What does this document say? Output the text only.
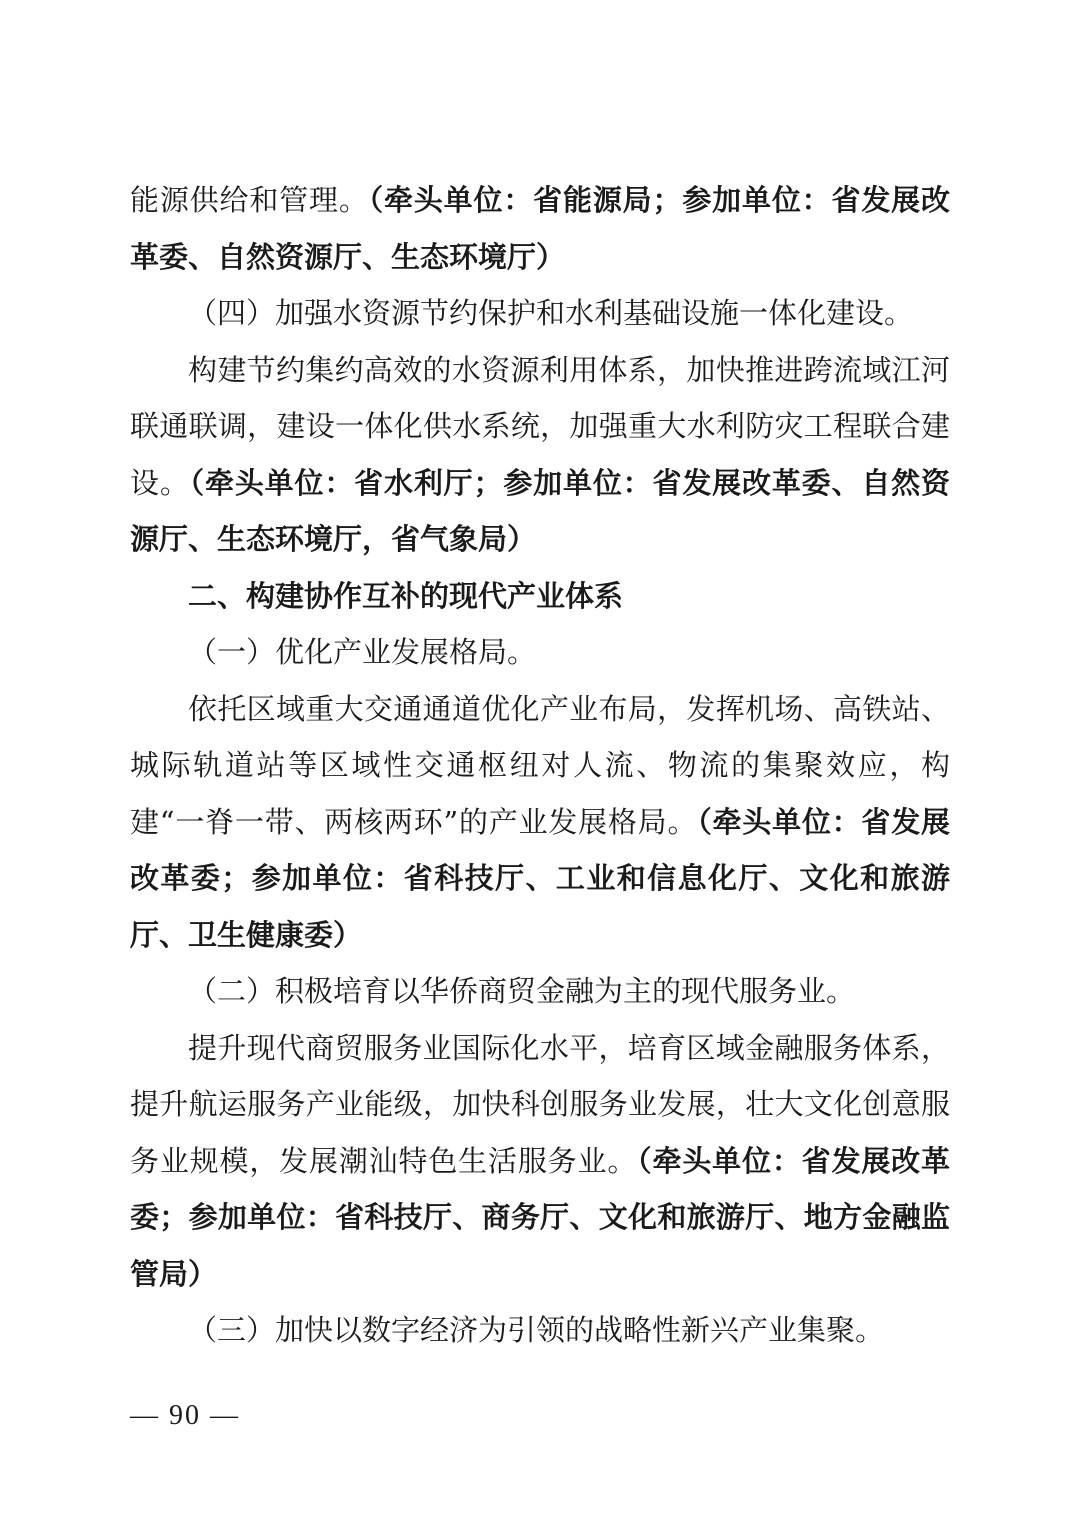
能源供给和管理。（牵头单位：省能源局；参加单位：省发展改革委、自然资源厅、生态环境厅）

（四）加强水资源节约保护和水利基础设施一体化建设。

构建节约集约高效的水资源利用体系，加快推进跨流域江河联通联调，建设一体化供水系统，加强重大水利防灾工程联合建设。（牵头单位：省水利厅；参加单位：省发展改革委、自然资源厅、生态环境厅，省气象局）

二、构建协作互补的现代产业体系

（一）优化产业发展格局。

依托区域重大交通通道优化产业布局，发挥机场、高铁站、城际轨道站等区域性交通枢纽对人流、物流的集聚效应，构建“一脊一带、两核两环”的产业发展格局。（牵头单位：省发展改革委；参加单位：省科技厅、工业和信息化厅、文化和旅游厅、卫生健康委）

（二）积极培育以华侨商贸金融为主的现代服务业。

提升现代商贸服务业国际化水平，培育区域金融服务体系，提升航运服务产业能级，加快科创服务业发展，壮大文化创意服务业规模，发展潮汕特色生活服务业。（牵头单位：省发展改革委；参加单位：省科技厅、商务厅、文化和旅游厅、地方金融监管局）

（三）加快以数字经济为引领的战略性新兴产业集聚。

— 90 —
